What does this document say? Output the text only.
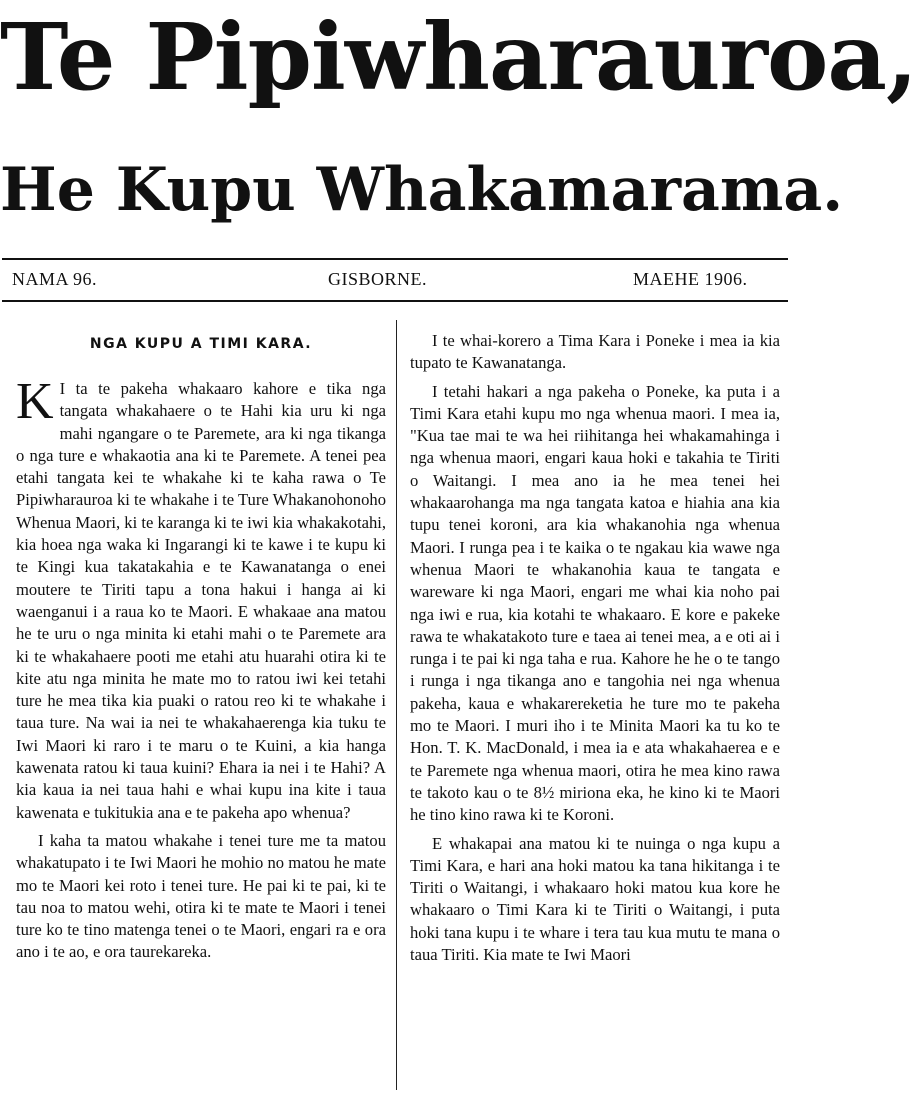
Te Pipiwharauroa,
He Kupu Whakamarama.
NAMA 96.	GISBORNE.	MAEHE 1906.
NGA KUPU A TIMI KARA.

K I ta te pakeha whakaaro kahore e tika nga tangata whakahaere o te Hahi kia uru ki nga mahi ngangare o te Paremete, ara ki nga tikanga o nga ture e whakaotia ana ki te Paremete. A tenei pea etahi tangata kei te whakahe ki te kaha rawa o Te Pipiwharauroa ki te whakahe i te Ture Whakanohonoho Whenua Maori, ki te karanga ki te iwi kia whakakotahi, kia hoea nga waka ki Ingarangi ki te kawe i te kupu ki te Kingi kua takatakahia e te Kawanatanga o enei moutere te Tiriti tapu a tona hakui i hanga ai ki waenganui i a raua ko te Maori. E whakaae ana matou he te uru o nga minita ki etahi mahi o te Paremete ara ki te whakahaere pooti me etahi atu huarahi otira ki te kite atu nga minita he mate mo to ratou iwi kei tetahi ture he mea tika kia puaki o ratou reo ki te whakahe i taua ture. Na wai ia nei te whakahaerenga kia tuku te Iwi Maori ki raro i te maru o te Kuini, a kia hanga kawenata ratou ki taua kuini? Ehara ia nei i te Hahi? A kia kaua ia nei taua hahi e whai kupu ina kite i taua kawenata e tukitukia ana e te pakeha apo whenua?

I kaha ta matou whakahe i tenei ture me ta matou whakatupato i te Iwi Maori he mohio no matou he mate mo te Maori kei roto i tenei ture. He pai ki te pai, ki te tau noa to matou wehi, otira ki te mate te Maori i tenei ture ko te tino matenga tenei o te Maori, engari ra e ora ano i te ao, e ora taurekareka.

I te whai-korero a Tima Kara i Poneke i mea ia kia tupato te Kawanatanga.

I tetahi hakari a nga pakeha o Poneke, ka puta i a Timi Kara etahi kupu mo nga whenua maori. I mea ia, "Kua tae mai te wa hei riihitanga hei whakamahinga i nga whenua maori, engari kaua hoki e takahia te Tiriti o Waitangi. I mea ano ia he mea tenei hei whakaarohanga ma nga tangata katoa e hiahia ana kia tupu tenei koroni, ara kia whakanohia nga whenua Maori. I runga pea i te kaika o te ngakau kia wawe nga whenua Maori te whakanohia kaua te tangata e wareware ki nga Maori, engari me whai kia noho pai nga iwi e rua, kia kotahi te whakaaro. E kore e pakeke rawa te whakatakoto ture e taea ai tenei mea, a e oti ai i runga i te pai ki nga taha e rua. Kahore he he o te tango i runga i nga tikanga ano e tangohia nei nga whenua pakeha, kaua e whakarereketia he ture mo te pakeha mo te Maori. I muri iho i te Minita Maori ka tu ko te Hon. T. K. MacDonald, i mea ia e ata whakahaerea e e te Paremete nga whenua maori, otira he mea kino rawa te takoto kau o te 8½ miriona eka, he kino ki te Maori he tino kino rawa ki te Koroni.

E whakapai ana matou ki te nuinga o nga kupu a Timi Kara, e hari ana hoki matou ka tana hikitanga i te Tiriti o Waitangi, i whakaaro hoki matou kua kore he whakaaro o Timi Kara ki te Tiriti o Waitangi, i puta hoki tana kupu i te whare i tera tau kua mutu te mana o taua Tiriti. Kia mate te Iwi Maori
